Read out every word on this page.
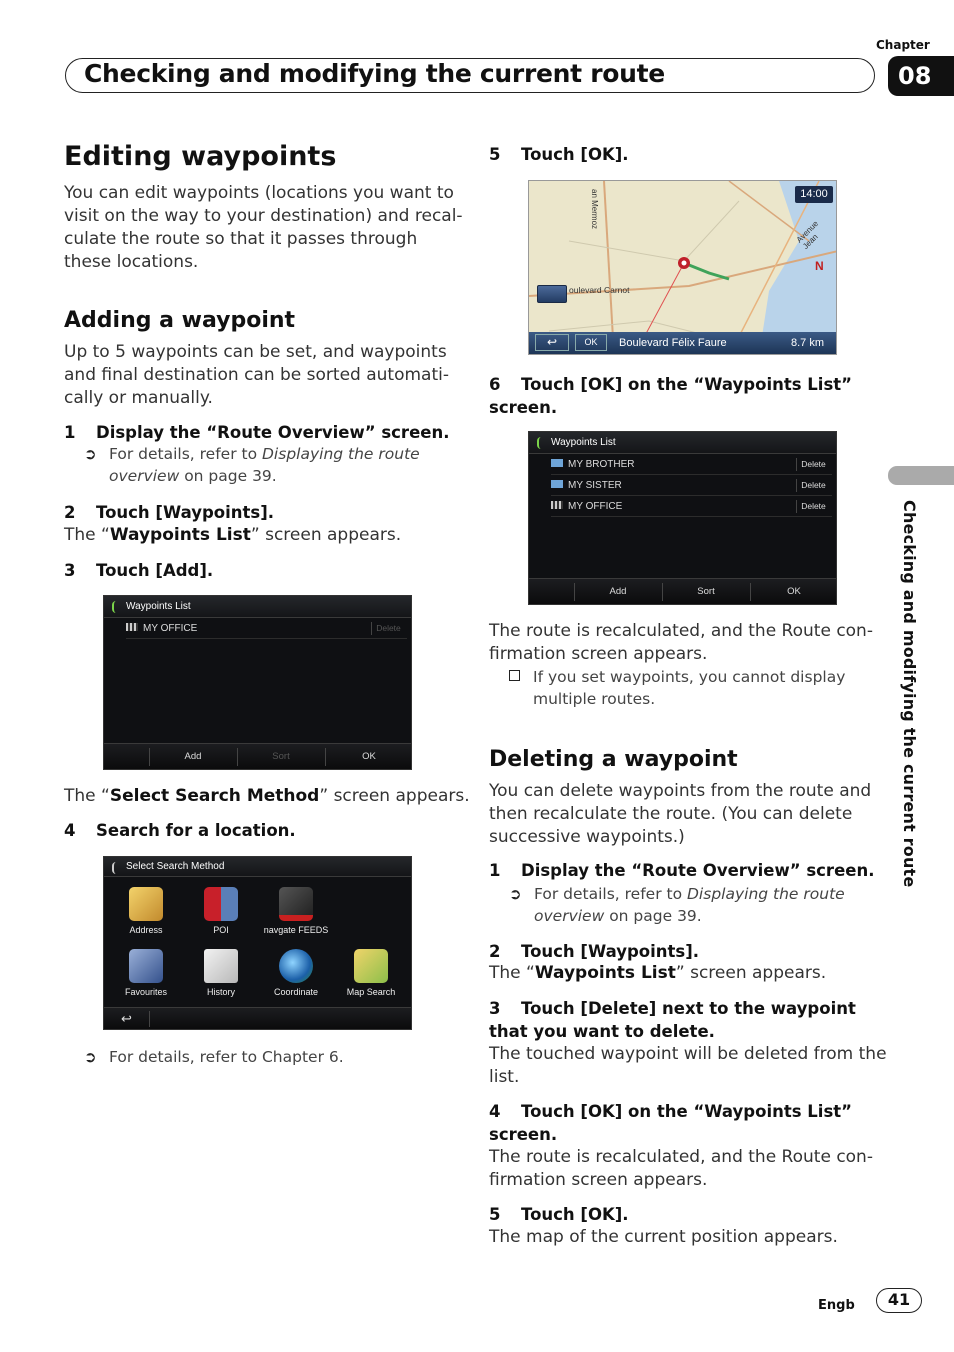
Chapter
Checking and modifying the current route	08
Checking and modifying the current route
Editing waypoints
You can edit waypoints (locations you want to
visit on the way to your destination) and recal-
culate the route so that it passes through
these locations.
Adding a waypoint
Up to 5 waypoints can be set, and waypoints
and final destination can be sorted automati-
cally or manually.
1 Display the “Route Overview” screen.
➲ For details, refer to Displaying the route
overview on page 39.
2 Touch [Waypoints].
The “Waypoints List” screen appears.
3 Touch [Add].
Waypoints List
MY OFFICE	Delete
Add	Sort	OK
The “Select Search Method” screen appears.
4 Search for a location.
Select Search Method
Address	POI	navgate FEEDS
Favourites	History	Coordinate	Map Search
↩
➲ For details, refer to Chapter 6.
5 Touch [OK].
14:00
an Mermoz
Avenue Jean
oulevard Carnot
N
↩	OK	Boulevard Félix Faure	8.7 km
6 Touch [OK] on the “Waypoints List”
screen.
Waypoints List
MY BROTHER	Delete
MY SISTER	Delete
MY OFFICE	Delete
Add	Sort	OK
The route is recalculated, and the Route con-
firmation screen appears.
If you set waypoints, you cannot display
multiple routes.
Deleting a waypoint
You can delete waypoints from the route and
then recalculate the route. (You can delete
successive waypoints.)
1 Display the “Route Overview” screen.
➲ For details, refer to Displaying the route
overview on page 39.
2 Touch [Waypoints].
The “Waypoints List” screen appears.
3 Touch [Delete] next to the waypoint
that you want to delete.
The touched waypoint will be deleted from the
list.
4 Touch [OK] on the “Waypoints List”
screen.
The route is recalculated, and the Route con-
firmation screen appears.
5 Touch [OK].
The map of the current position appears.
Engb	41
